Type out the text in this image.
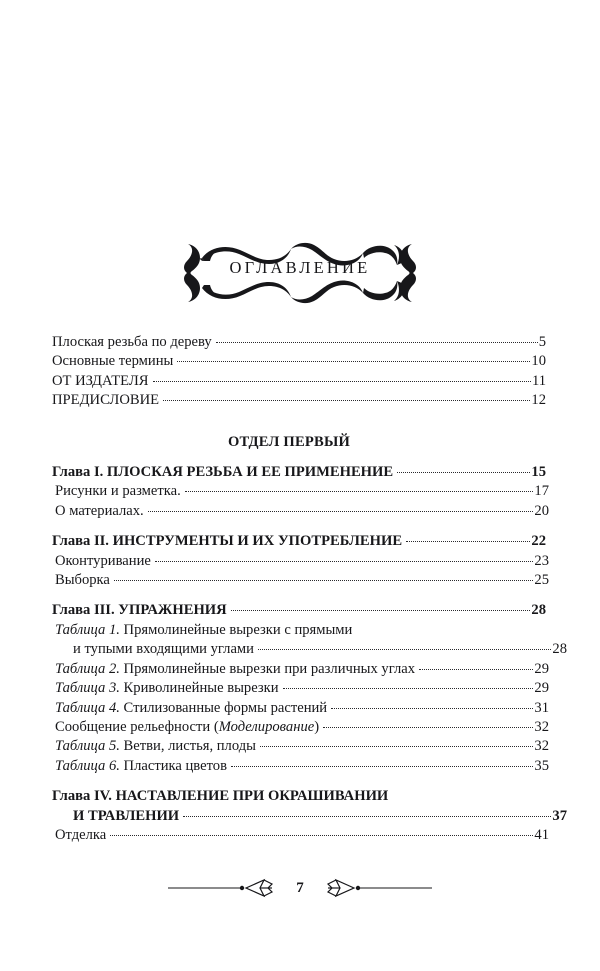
ОГЛАВЛЕНИЕ
Плоская резьба по дереву	5
Основные термины	10
ОТ ИЗДАТЕЛЯ	11
ПРЕДИСЛОВИЕ	12
ОТДЕЛ ПЕРВЫЙ
Глава I. ПЛОСКАЯ РЕЗЬБА И ЕЕ ПРИМЕНЕНИЕ	15
Рисунки и разметка.	17
О материалах.	20
Глава II. ИНСТРУМЕНТЫ И ИХ УПОТРЕБЛЕНИЕ	22
Оконтуривание	23
Выборка	25
Глава III. УПРАЖНЕНИЯ	28
Таблица 1. Прямолинейные вырезки с прямыми
и тупыми входящими углами	28
Таблица 2. Прямолинейные вырезки при различных углах	29
Таблица 3. Криволинейные вырезки	29
Таблица 4. Стилизованные формы растений	31
Сообщение рельефности (Моделирование)	32
Таблица 5. Ветви, листья, плоды	32
Таблица 6. Пластика цветов	35
Глава IV. НАСТАВЛЕНИЕ ПРИ ОКРАШИВАНИИ
И ТРАВЛЕНИИ	37
Отделка	41
7
